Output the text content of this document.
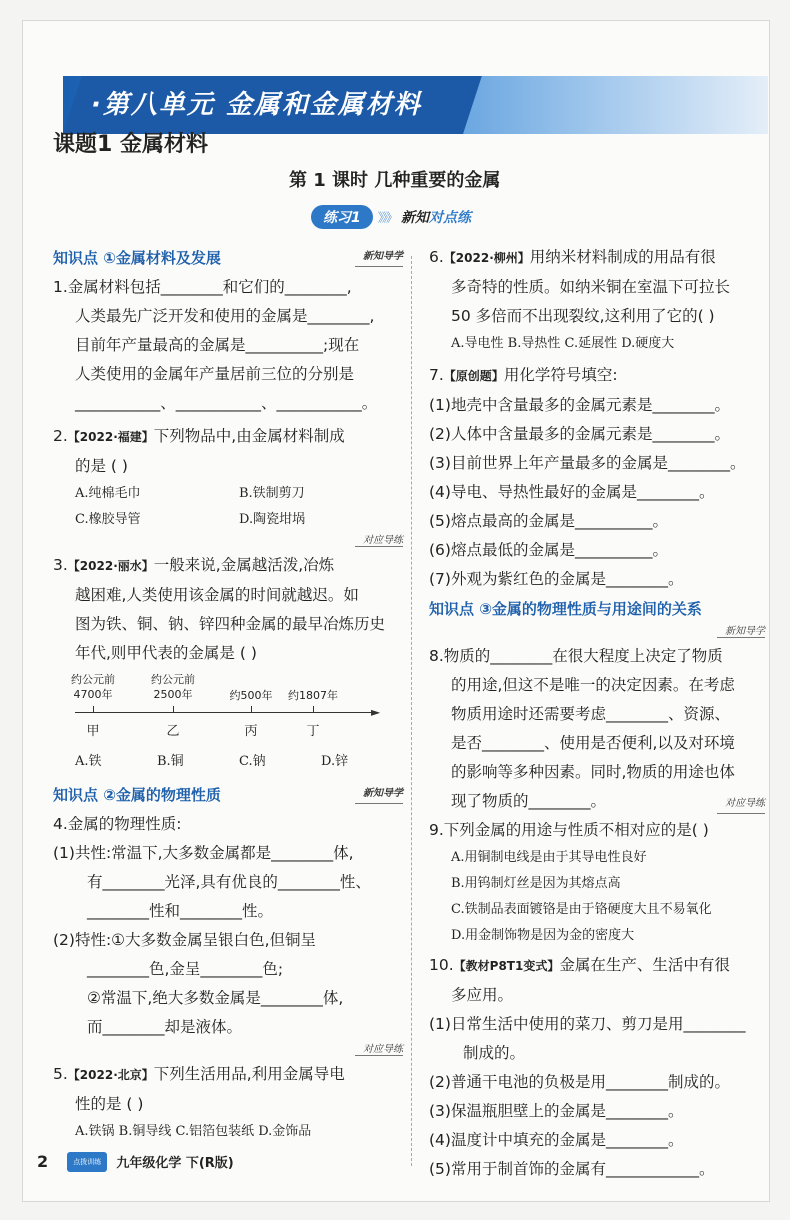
·第八单元 金属和金属材料
课题1 金属材料
第 1 课时 几种重要的金属
练习1 》》》 新知对点练
知识点 ①金属材料及发展	新知导学
1.金属材料包括________和它们的________,
人类最先广泛开发和使用的金属是________,
目前年产量最高的金属是__________;现在
人类使用的金属年产量居前三位的分别是
___________、___________、___________。
2.【2022·福建】下列物品中,由金属材料制成
的是 ( )
A.纯棉毛巾	B.铁制剪刀
C.橡胶导管	D.陶瓷坩埚
对应导练
3.【2022·丽水】一般来说,金属越活泼,冶炼
越困难,人类使用该金属的时间就越迟。如
图为铁、铜、钠、锌四种金属的最早冶炼历史
年代,则甲代表的金属是 ( )
约公元前
4700年
约公元前
2500年	约500年	约1807年
►
甲	乙	丙	丁
A.铁	B.铜	C.钠	D.锌
知识点 ②金属的物理性质	新知导学
4.金属的物理性质:
(1)共性:常温下,大多数金属都是________体,
有________光泽,具有优良的________性、
________性和________性。
(2)特性:①大多数金属呈银白色,但铜呈
________色,金呈________色;
②常温下,绝大多数金属是________体,
而________却是液体。
对应导练
5.【2022·北京】下列生活用品,利用金属导电
性的是 ( )
A.铁锅 B.铜导线 C.铝箔包装纸 D.金饰品
6.【2022·柳州】用纳米材料制成的用品有很
多奇特的性质。如纳米铜在室温下可拉长
50 多倍而不出现裂纹,这利用了它的( )
A.导电性 B.导热性 C.延展性 D.硬度大
7.【原创题】用化学符号填空:
(1)地壳中含量最多的金属元素是________。
(2)人体中含量最多的金属元素是________。
(3)目前世界上年产量最多的金属是________。
(4)导电、导热性最好的金属是________。
(5)熔点最高的金属是__________。
(6)熔点最低的金属是__________。
(7)外观为紫红色的金属是________。
知识点 ③金属的物理性质与用途间的关系
新知导学
8.物质的________在很大程度上决定了物质
的用途,但这不是唯一的决定因素。在考虑
物质用途时还需要考虑________、资源、
是否________、使用是否便利,以及对环境
的影响等多种因素。同时,物质的用途也体
现了物质的________。	对应导练
9.下列金属的用途与性质不相对应的是( )
A.用铜制电线是由于其导电性良好
B.用钨制灯丝是因为其熔点高
C.铁制品表面镀铬是由于铬硬度大且不易氧化
D.用金制饰物是因为金的密度大
10.【教材P8T1变式】金属在生产、生活中有很
多应用。
(1)日常生活中使用的菜刀、剪刀是用________
制成的。
(2)普通干电池的负极是用________制成的。
(3)保温瓶胆壁上的金属是________。
(4)温度计中填充的金属是________。
(5)常用于制首饰的金属有____________。
2	点拨训练 九年级化学 下(R版)
